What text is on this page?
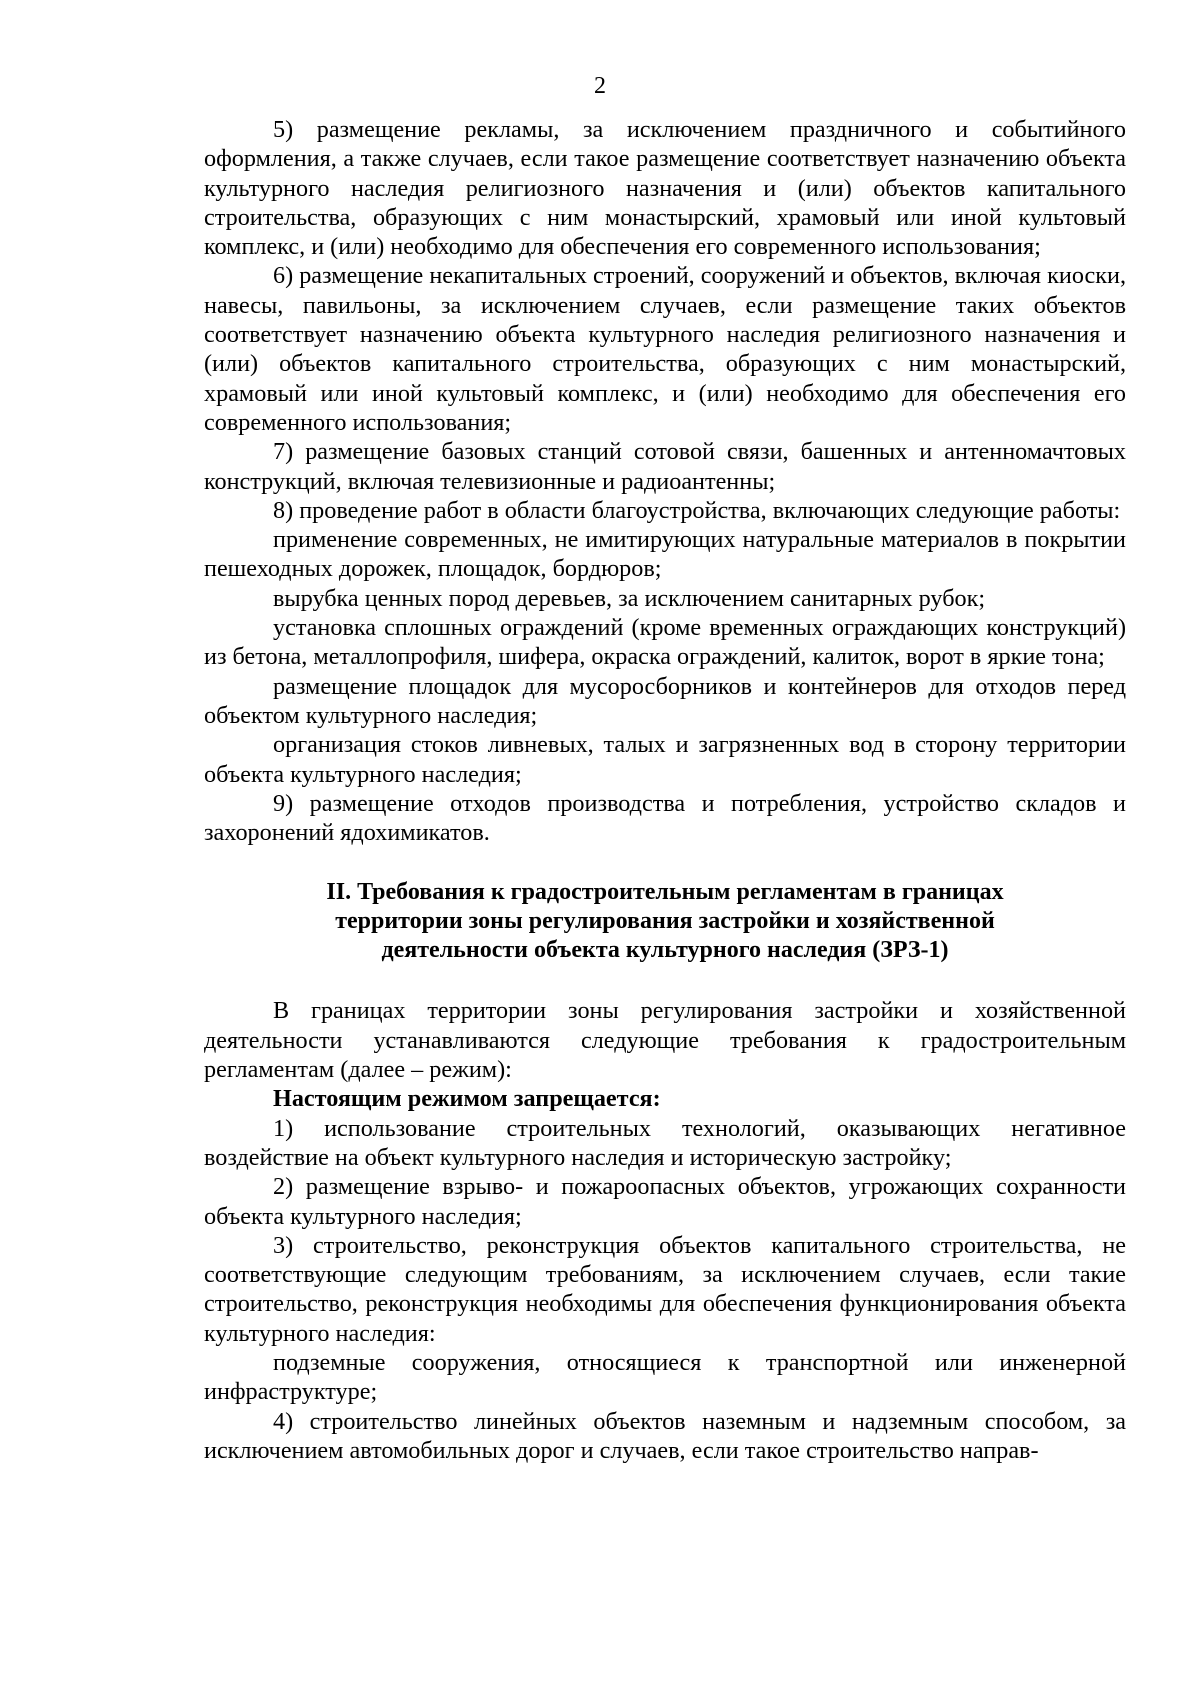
2

5) размещение рекламы, за исключением праздничного и событийного оформления, а также случаев, если такое размещение соответствует назначению объекта культурного наследия религиозного назначения и (или) объектов капитального строительства, образующих с ним монастырский, храмовый или иной культовый комплекс, и (или) необходимо для обеспечения его современного использования;

6) размещение некапитальных строений, сооружений и объектов, включая киоски, навесы, павильоны, за исключением случаев, если размещение таких объектов соответствует назначению объекта культурного наследия религиозного назначения и (или) объектов капитального строительства, образующих с ним монастырский, храмовый или иной культовый комплекс, и (или) необходимо для обеспечения его современного использования;

7) размещение базовых станций сотовой связи, башенных и антенномачтовых конструкций, включая телевизионные и радиоантенны;

8) проведение работ в области благоустройства, включающих следующие работы:

применение современных, не имитирующих натуральные материалов в покрытии пешеходных дорожек, площадок, бордюров;

вырубка ценных пород деревьев, за исключением санитарных рубок;

установка сплошных ограждений (кроме временных ограждающих конструкций) из бетона, металлопрофиля, шифера, окраска ограждений, калиток, ворот в яркие тона;

размещение площадок для мусоросборников и контейнеров для отходов перед объектом культурного наследия;

организация стоков ливневых, талых и загрязненных вод в сторону территории объекта культурного наследия;

9) размещение отходов производства и потребления, устройство складов и захоронений ядохимикатов.

II. Требования к градостроительным регламентам в границах
территории зоны регулирования застройки и хозяйственной
деятельности объекта культурного наследия (ЗРЗ-1)

В границах территории зоны регулирования застройки и хозяйственной деятельности устанавливаются следующие требования к градостроительным регламентам (далее – режим):

Настоящим режимом запрещается:

1) использование строительных технологий, оказывающих негативное воздействие на объект культурного наследия и историческую застройку;

2) размещение взрыво- и пожароопасных объектов, угрожающих сохранности объекта культурного наследия;

3) строительство, реконструкция объектов капитального строительства, не соответствующие следующим требованиям, за исключением случаев, если такие строительство, реконструкция необходимы для обеспечения функционирования объекта культурного наследия:

подземные сооружения, относящиеся к транспортной или инженерной инфраструктуре;

4) строительство линейных объектов наземным и надземным способом, за исключением автомобильных дорог и случаев, если такое строительство направ-
